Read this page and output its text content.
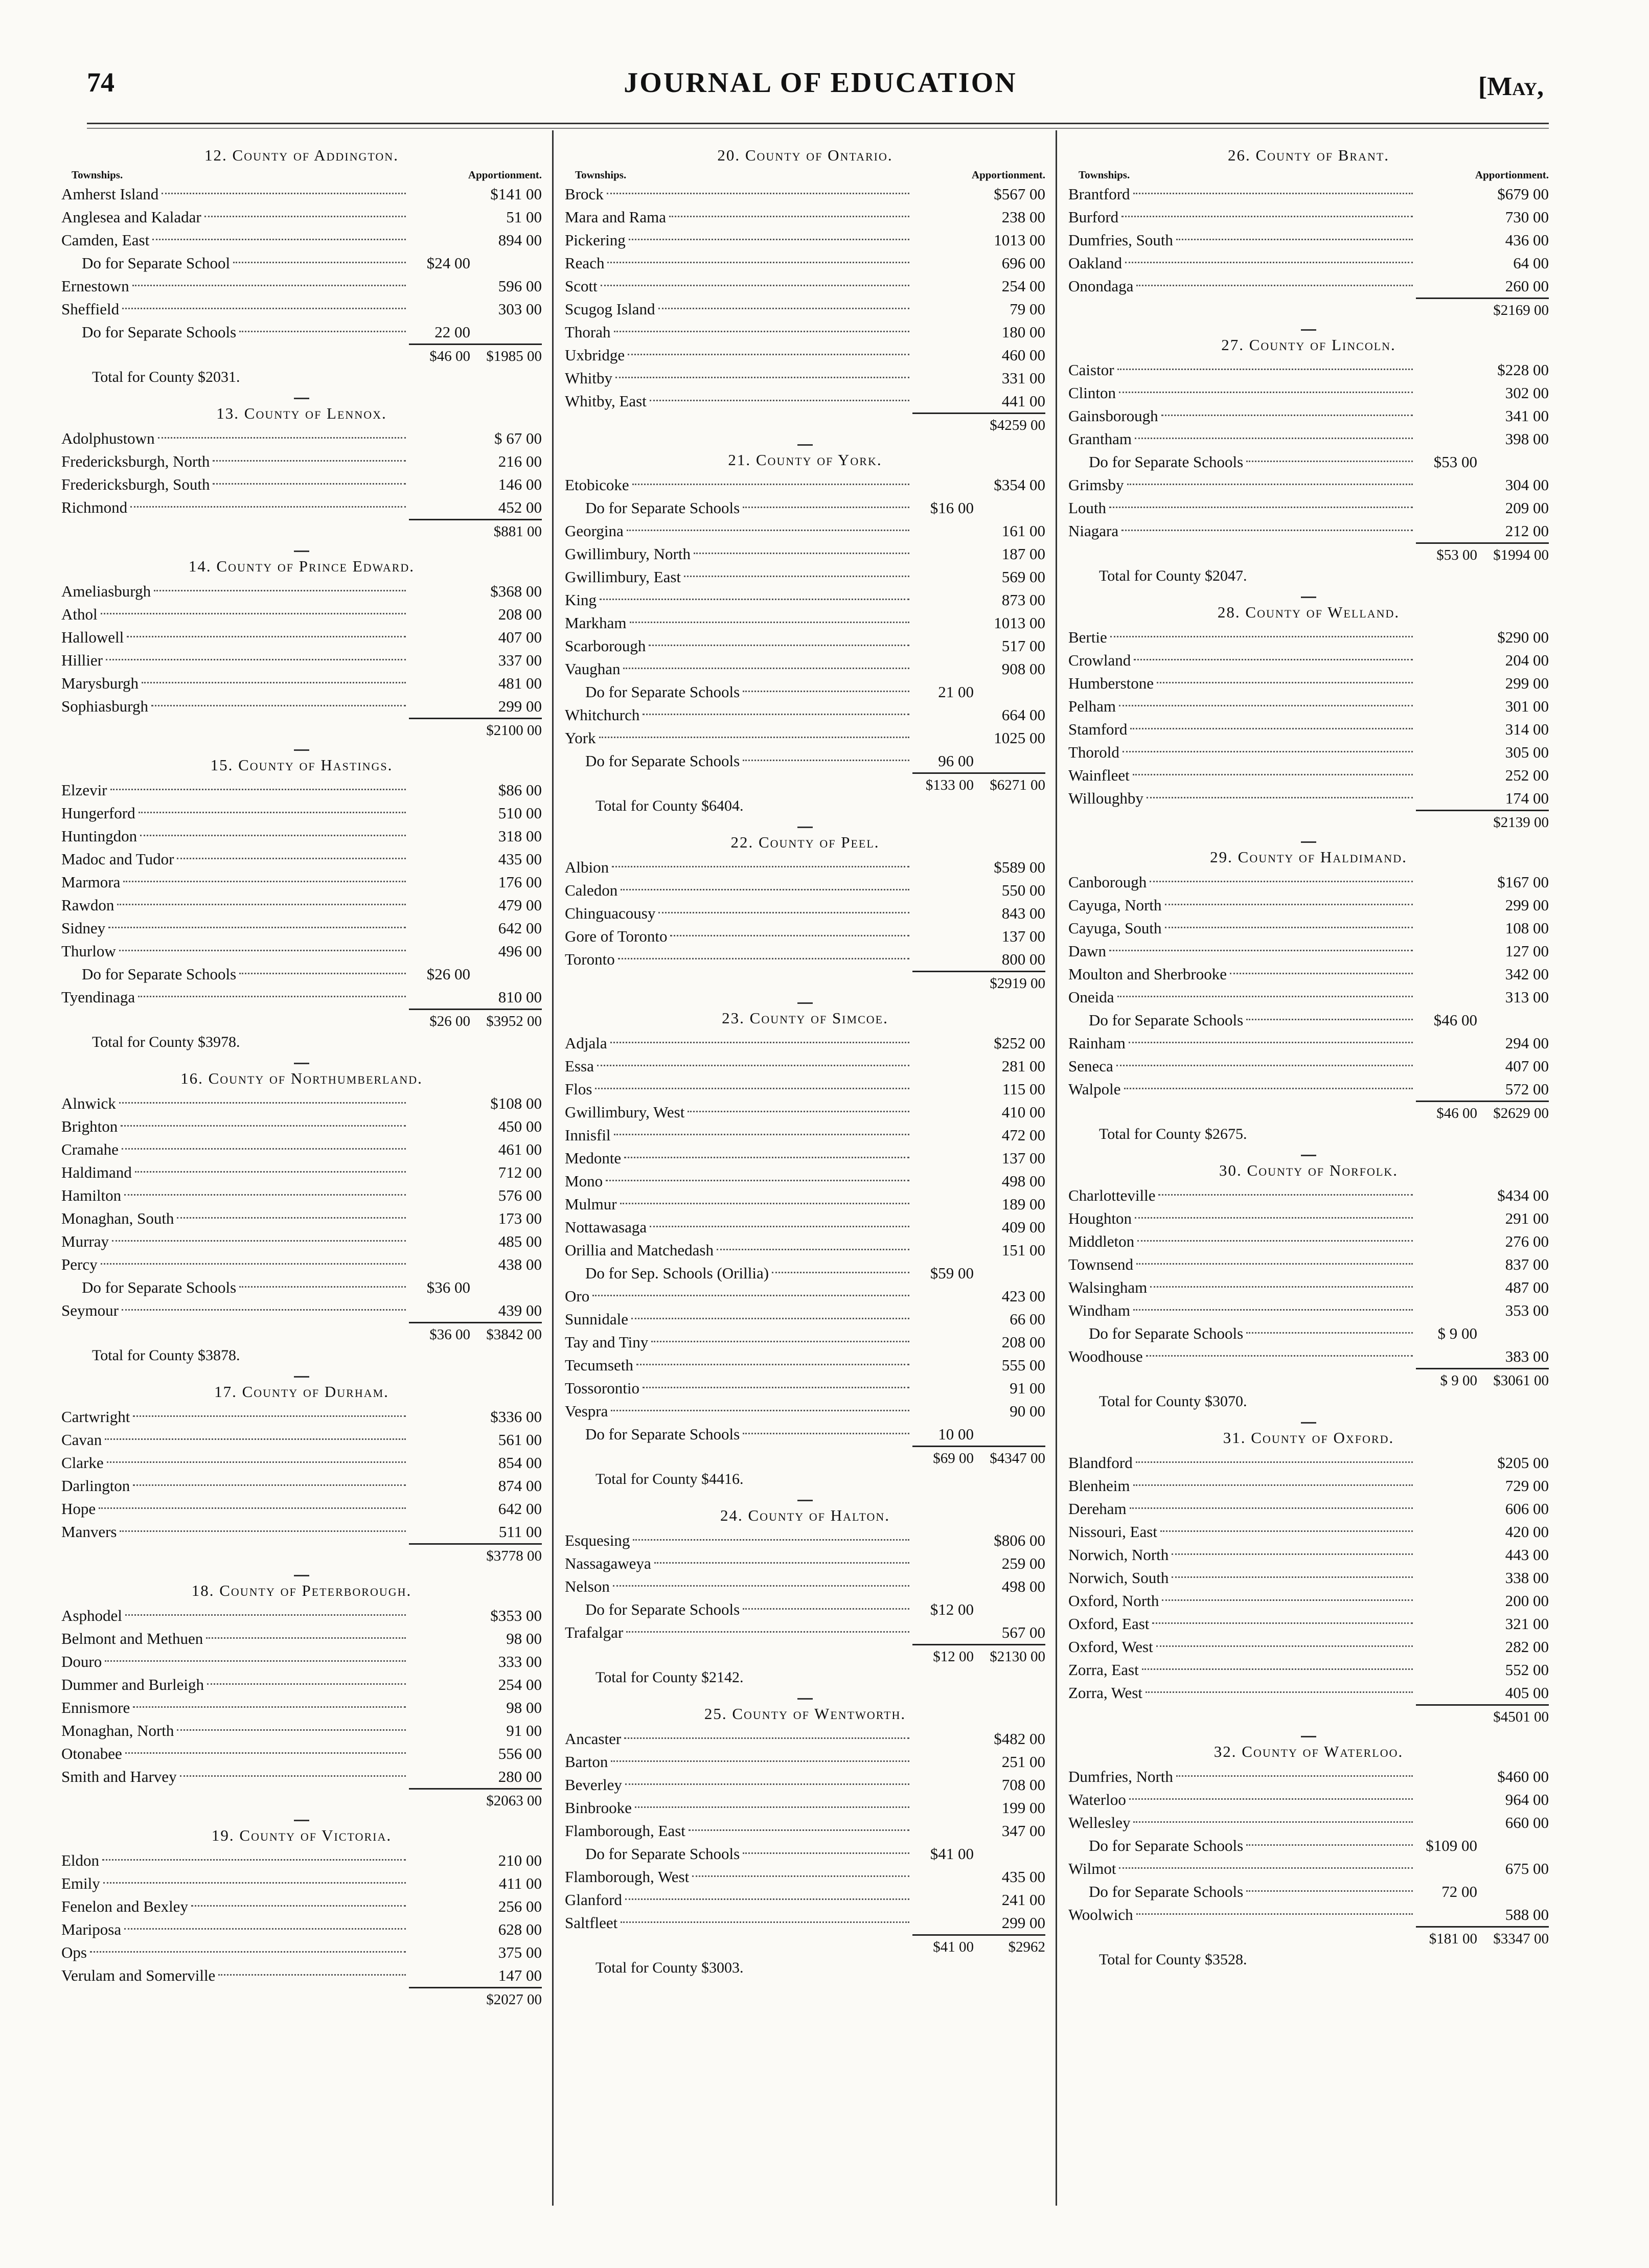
74	JOURNAL OF EDUCATION	[May,
12. County of Addington.
Townships.	Apportionment.
Amherst Island	$141 00
Anglesea and Kaladar	51 00
Camden, East	894 00
Do for Separate School	$24 00
Ernestown	596 00
Sheffield	303 00
Do for Separate Schools	22 00
$46 00	$1985 00
Total for County $2031.
13. County of Lennox.
Adolphustown	$ 67 00
Fredericksburgh, North	216 00
Fredericksburgh, South	146 00
Richmond	452 00
$881 00
14. County of Prince Edward.
Ameliasburgh	$368 00
Athol	208 00
Hallowell	407 00
Hillier	337 00
Marysburgh	481 00
Sophiasburgh	299 00
$2100 00
15. County of Hastings.
Elzevir	$86 00
Hungerford	510 00
Huntingdon	318 00
Madoc and Tudor	435 00
Marmora	176 00
Rawdon	479 00
Sidney	642 00
Thurlow	496 00
Do for Separate Schools	$26 00
Tyendinaga	810 00
$26 00	$3952 00
Total for County $3978.
16. County of Northumberland.
Alnwick	$108 00
Brighton	450 00
Cramahe	461 00
Haldimand	712 00
Hamilton	576 00
Monaghan, South	173 00
Murray	485 00
Percy	438 00
Do for Separate Schools	$36 00
Seymour	439 00
$36 00	$3842 00
Total for County $3878.
17. County of Durham.
Cartwright	$336 00
Cavan	561 00
Clarke	854 00
Darlington	874 00
Hope	642 00
Manvers	511 00
$3778 00
18. County of Peterborough.
Asphodel	$353 00
Belmont and Methuen	98 00
Douro	333 00
Dummer and Burleigh	254 00
Ennismore	98 00
Monaghan, North	91 00
Otonabee	556 00
Smith and Harvey	280 00
$2063 00
19. County of Victoria.
Eldon	210 00
Emily	411 00
Fenelon and Bexley	256 00
Mariposa	628 00
Ops	375 00
Verulam and Somerville	147 00
$2027 00
20. County of Ontario.
Townships.	Apportionment.
Brock	$567 00
Mara and Rama	238 00
Pickering	1013 00
Reach	696 00
Scott	254 00
Scugog Island	79 00
Thorah	180 00
Uxbridge	460 00
Whitby	331 00
Whitby, East	441 00
$4259 00
21. County of York.
Etobicoke	$354 00
Do for Separate Schools	$16 00
Georgina	161 00
Gwillimbury, North	187 00
Gwillimbury, East	569 00
King	873 00
Markham	1013 00
Scarborough	517 00
Vaughan	908 00
Do for Separate Schools	21 00
Whitchurch	664 00
York	1025 00
Do for Separate Schools	96 00
$133 00	$6271 00
Total for County $6404.
22. County of Peel.
Albion	$589 00
Caledon	550 00
Chinguacousy	843 00
Gore of Toronto	137 00
Toronto	800 00
$2919 00
23. County of Simcoe.
Adjala	$252 00
Essa	281 00
Flos	115 00
Gwillimbury, West	410 00
Innisfil	472 00
Medonte	137 00
Mono	498 00
Mulmur	189 00
Nottawasaga	409 00
Orillia and Matchedash	151 00
Do for Sep. Schools (Orillia)	$59 00
Oro	423 00
Sunnidale	66 00
Tay and Tiny	208 00
Tecumseth	555 00
Tossorontio	91 00
Vespra	90 00
Do for Separate Schools	10 00
$69 00	$4347 00
Total for County $4416.
24. County of Halton.
Esquesing	$806 00
Nassagaweya	259 00
Nelson	498 00
Do for Separate Schools	$12 00
Trafalgar	567 00
$12 00	$2130 00
Total for County $2142.
25. County of Wentworth.
Ancaster	$482 00
Barton	251 00
Beverley	708 00
Binbrooke	199 00
Flamborough, East	347 00
Do for Separate Schools	$41 00
Flamborough, West	435 00
Glanford	241 00
Saltfleet	299 00
$41 00	$2962
Total for County $3003.
26. County of Brant.
Townships.	Apportionment.
Brantford	$679 00
Burford	730 00
Dumfries, South	436 00
Oakland	64 00
Onondaga	260 00
$2169 00
27. County of Lincoln.
Caistor	$228 00
Clinton	302 00
Gainsborough	341 00
Grantham	398 00
Do for Separate Schools	$53 00
Grimsby	304 00
Louth	209 00
Niagara	212 00
$53 00	$1994 00
Total for County $2047.
28. County of Welland.
Bertie	$290 00
Crowland	204 00
Humberstone	299 00
Pelham	301 00
Stamford	314 00
Thorold	305 00
Wainfleet	252 00
Willoughby	174 00
$2139 00
29. County of Haldimand.
Canborough	$167 00
Cayuga, North	299 00
Cayuga, South	108 00
Dawn	127 00
Moulton and Sherbrooke	342 00
Oneida	313 00
Do for Separate Schools	$46 00
Rainham	294 00
Seneca	407 00
Walpole	572 00
$46 00	$2629 00
Total for County $2675.
30. County of Norfolk.
Charlotteville	$434 00
Houghton	291 00
Middleton	276 00
Townsend	837 00
Walsingham	487 00
Windham	353 00
Do for Separate Schools	$ 9 00
Woodhouse	383 00
$ 9 00	$3061 00
Total for County $3070.
31. County of Oxford.
Blandford	$205 00
Blenheim	729 00
Dereham	606 00
Nissouri, East	420 00
Norwich, North	443 00
Norwich, South	338 00
Oxford, North	200 00
Oxford, East	321 00
Oxford, West	282 00
Zorra, East	552 00
Zorra, West	405 00
$4501 00
32. County of Waterloo.
Dumfries, North	$460 00
Waterloo	964 00
Wellesley	660 00
Do for Separate Schools	$109 00
Wilmot	675 00
Do for Separate Schools	72 00
Woolwich	588 00
$181 00	$3347 00
Total for County $3528.
